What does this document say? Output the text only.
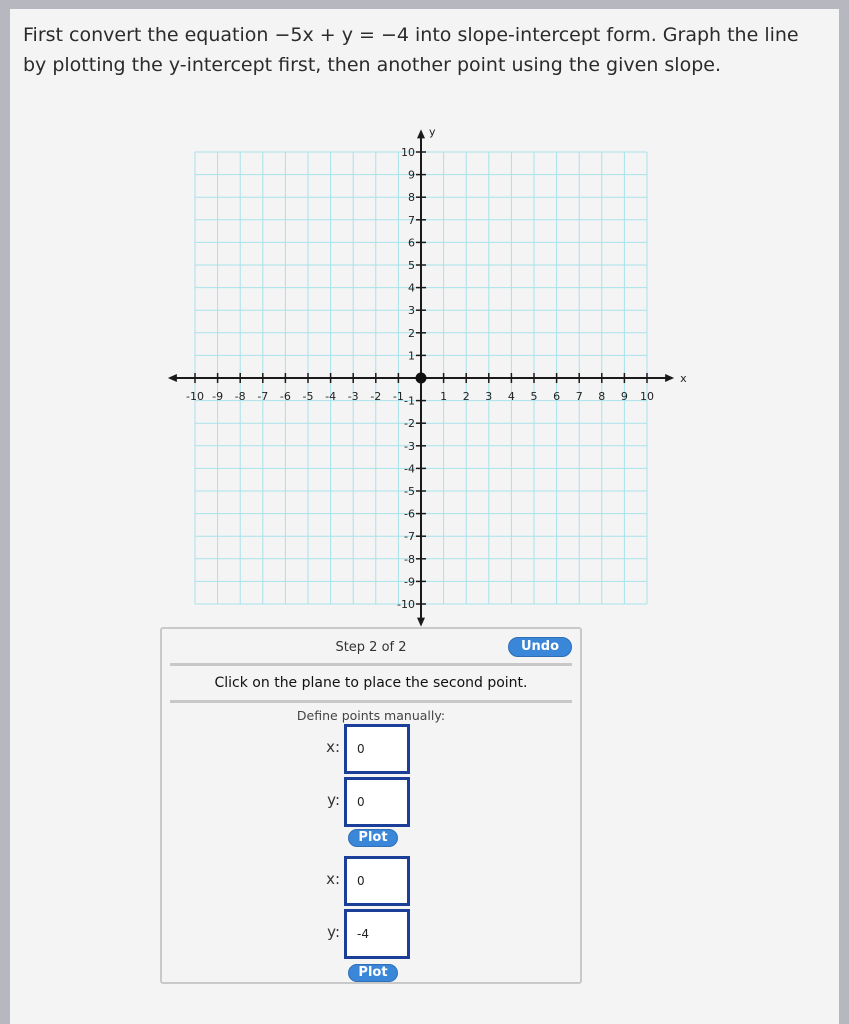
First convert the equation −5x + y = −4 into slope-intercept form. Graph the line by plotting the y-intercept first, then another point using the given slope.
x
y
-10 -9 -8 -7 -6 -5 -4 -3 -2 -1	1 2 3 4 5 6 7 8 9 10
10
9
8
7
6
5
4
3
2
1
-1
-2
-3
-4
-5
-6
-7
-8
-9
-10
Step 2 of 2	Undo
Click on the plane to place the second point.
Define points manually:
x:
0
y:
0
Plot
x:
0
y:
-4
Plot
